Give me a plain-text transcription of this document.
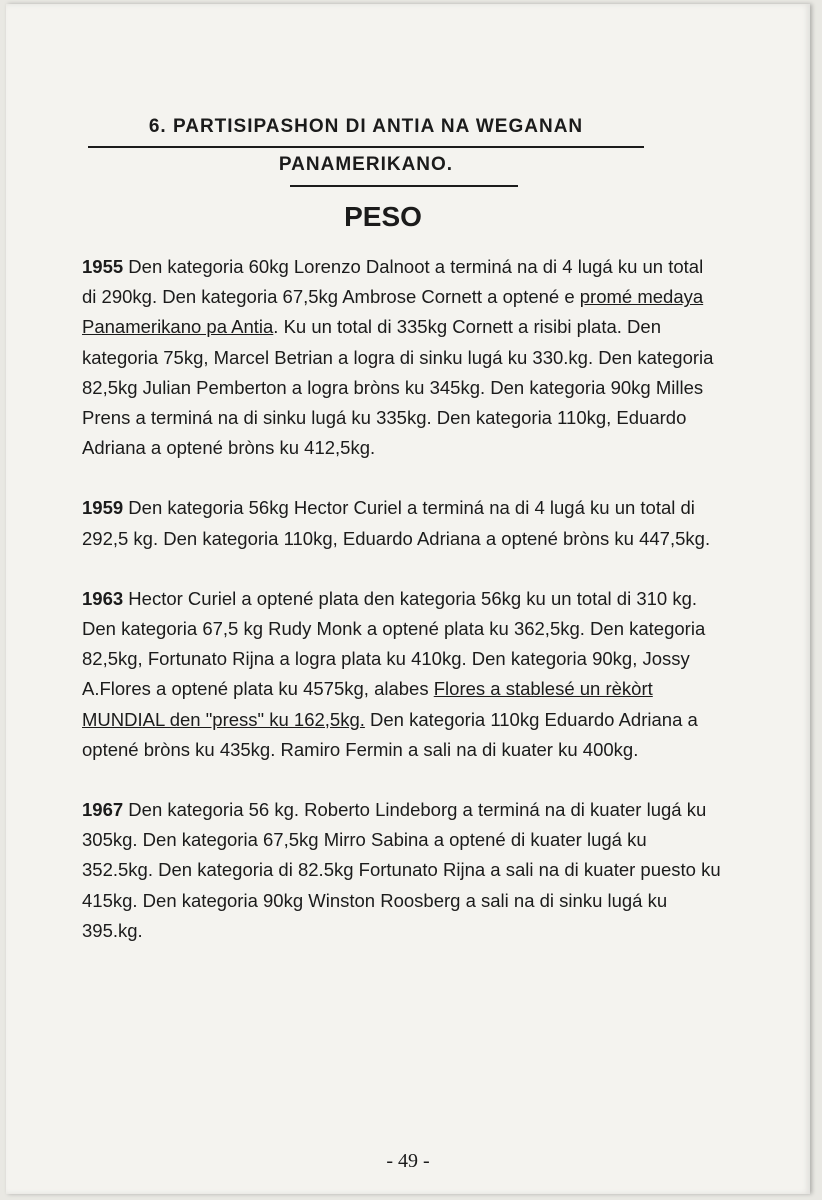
6. PARTISIPASHON DI ANTIA NA WEGANAN
PANAMERIKANO.
PESO

1955 Den kategoria 60kg Lorenzo Dalnoot a terminá na di 4 lugá ku un total di 290kg. Den kategoria 67,5kg Ambrose Cornett a optené e promé medaya Panamerikano pa Antia. Ku un total di 335kg Cornett a risibi plata. Den kategoria 75kg, Marcel Betrian a logra di sinku lugá ku 330.kg. Den kategoria 82,5kg Julian Pemberton a logra bròns ku 345kg. Den kategoria 90kg Milles Prens a terminá na di sinku lugá ku 335kg. Den kategoria 110kg, Eduardo Adriana a optené bròns ku 412,5kg.

1959 Den kategoria 56kg Hector Curiel a terminá na di 4 lugá ku un total di 292,5 kg. Den kategoria 110kg, Eduardo Adriana a optené bròns ku 447,5kg.

1963 Hector Curiel a optené plata den kategoria 56kg ku un total di 310 kg. Den kategoria 67,5 kg Rudy Monk a optené plata ku 362,5kg. Den kategoria 82,5kg, Fortunato Rijna a logra plata ku 410kg. Den kategoria 90kg, Jossy A.Flores a optené plata ku 4575kg, alabes Flores a stablesé un rèkòrt MUNDIAL den "press" ku 162,5kg. Den kategoria 110kg Eduardo Adriana a optené bròns ku 435kg. Ramiro Fermin a sali na di kuater ku 400kg.

1967 Den kategoria 56 kg. Roberto Lindeborg a terminá na di kuater lugá ku 305kg. Den kategoria 67,5kg Mirro Sabina a optené di kuater lugá ku 352.5kg. Den kategoria di 82.5kg Fortunato Rijna a sali na di kuater puesto ku 415kg. Den kategoria 90kg Winston Roosberg a sali na di sinku lugá ku 395.kg.

- 49 -
